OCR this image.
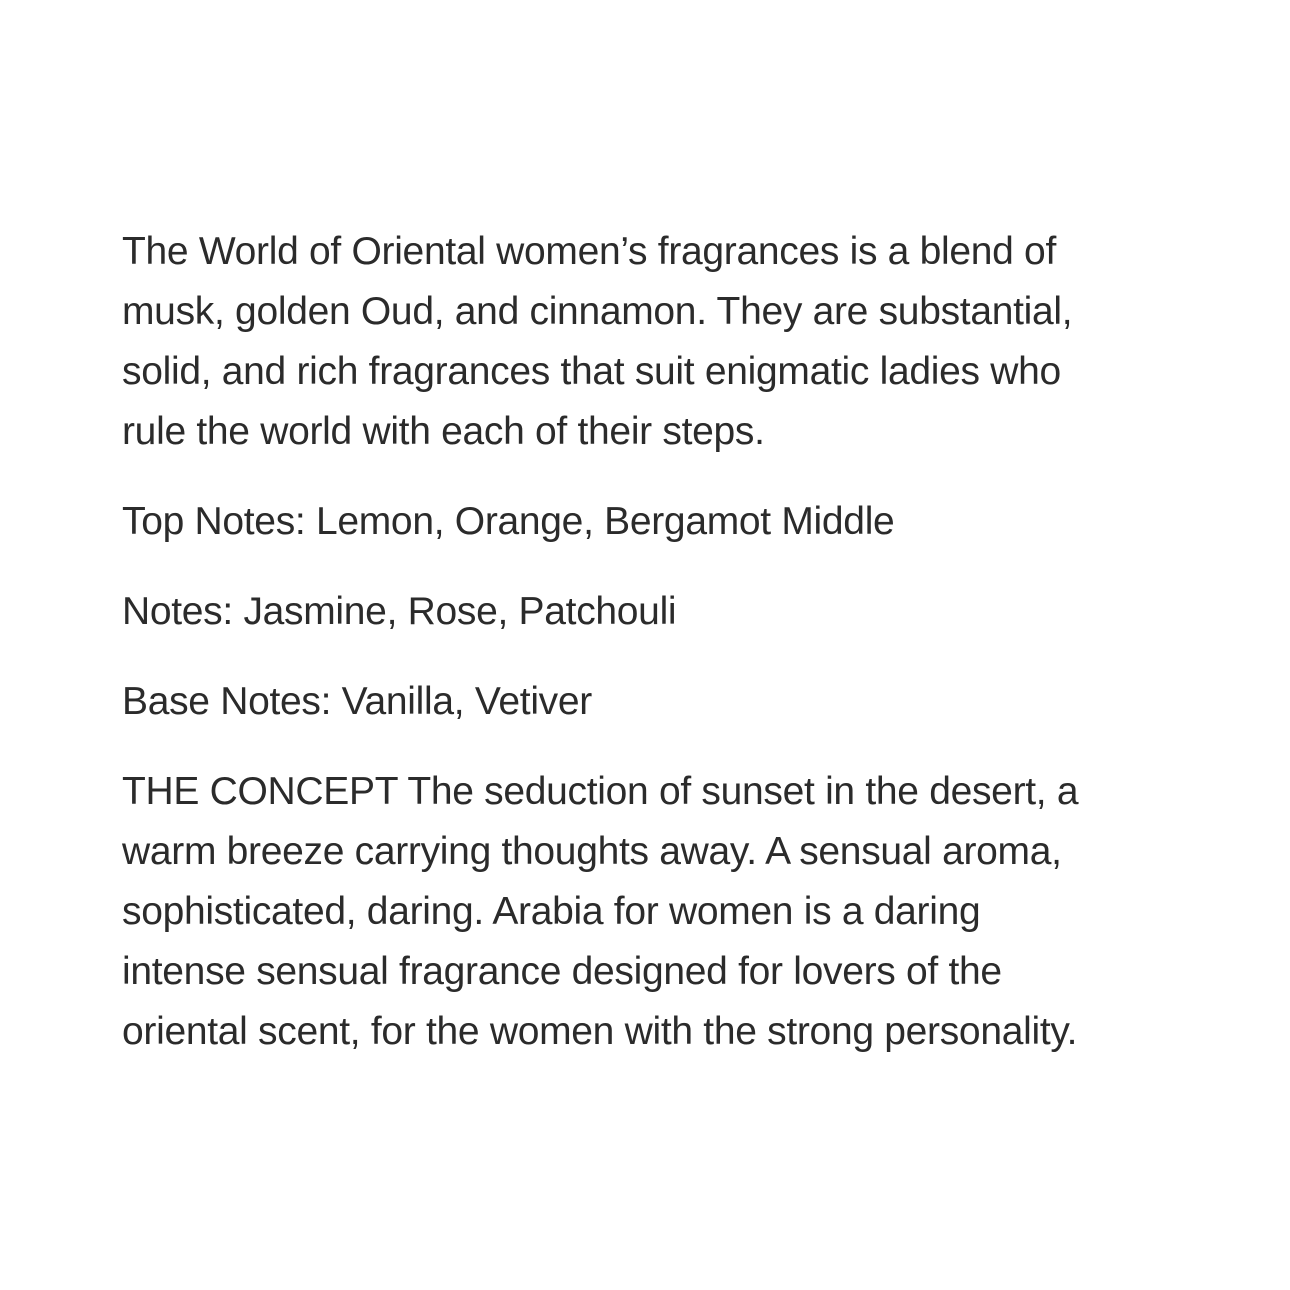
The World of Oriental women’s fragrances is a blend of
musk, golden Oud, and cinnamon. They are substantial,
solid, and rich fragrances that suit enigmatic ladies who
rule the world with each of their steps.

Top Notes: Lemon, Orange, Bergamot Middle

Notes: Jasmine, Rose, Patchouli

Base Notes: Vanilla, Vetiver

THE CONCEPT The seduction of sunset in the desert, a
warm breeze carrying thoughts away. A sensual aroma,
sophisticated, daring. Arabia for women is a daring
intense sensual fragrance designed for lovers of the
oriental scent, for the women with the strong personality.
